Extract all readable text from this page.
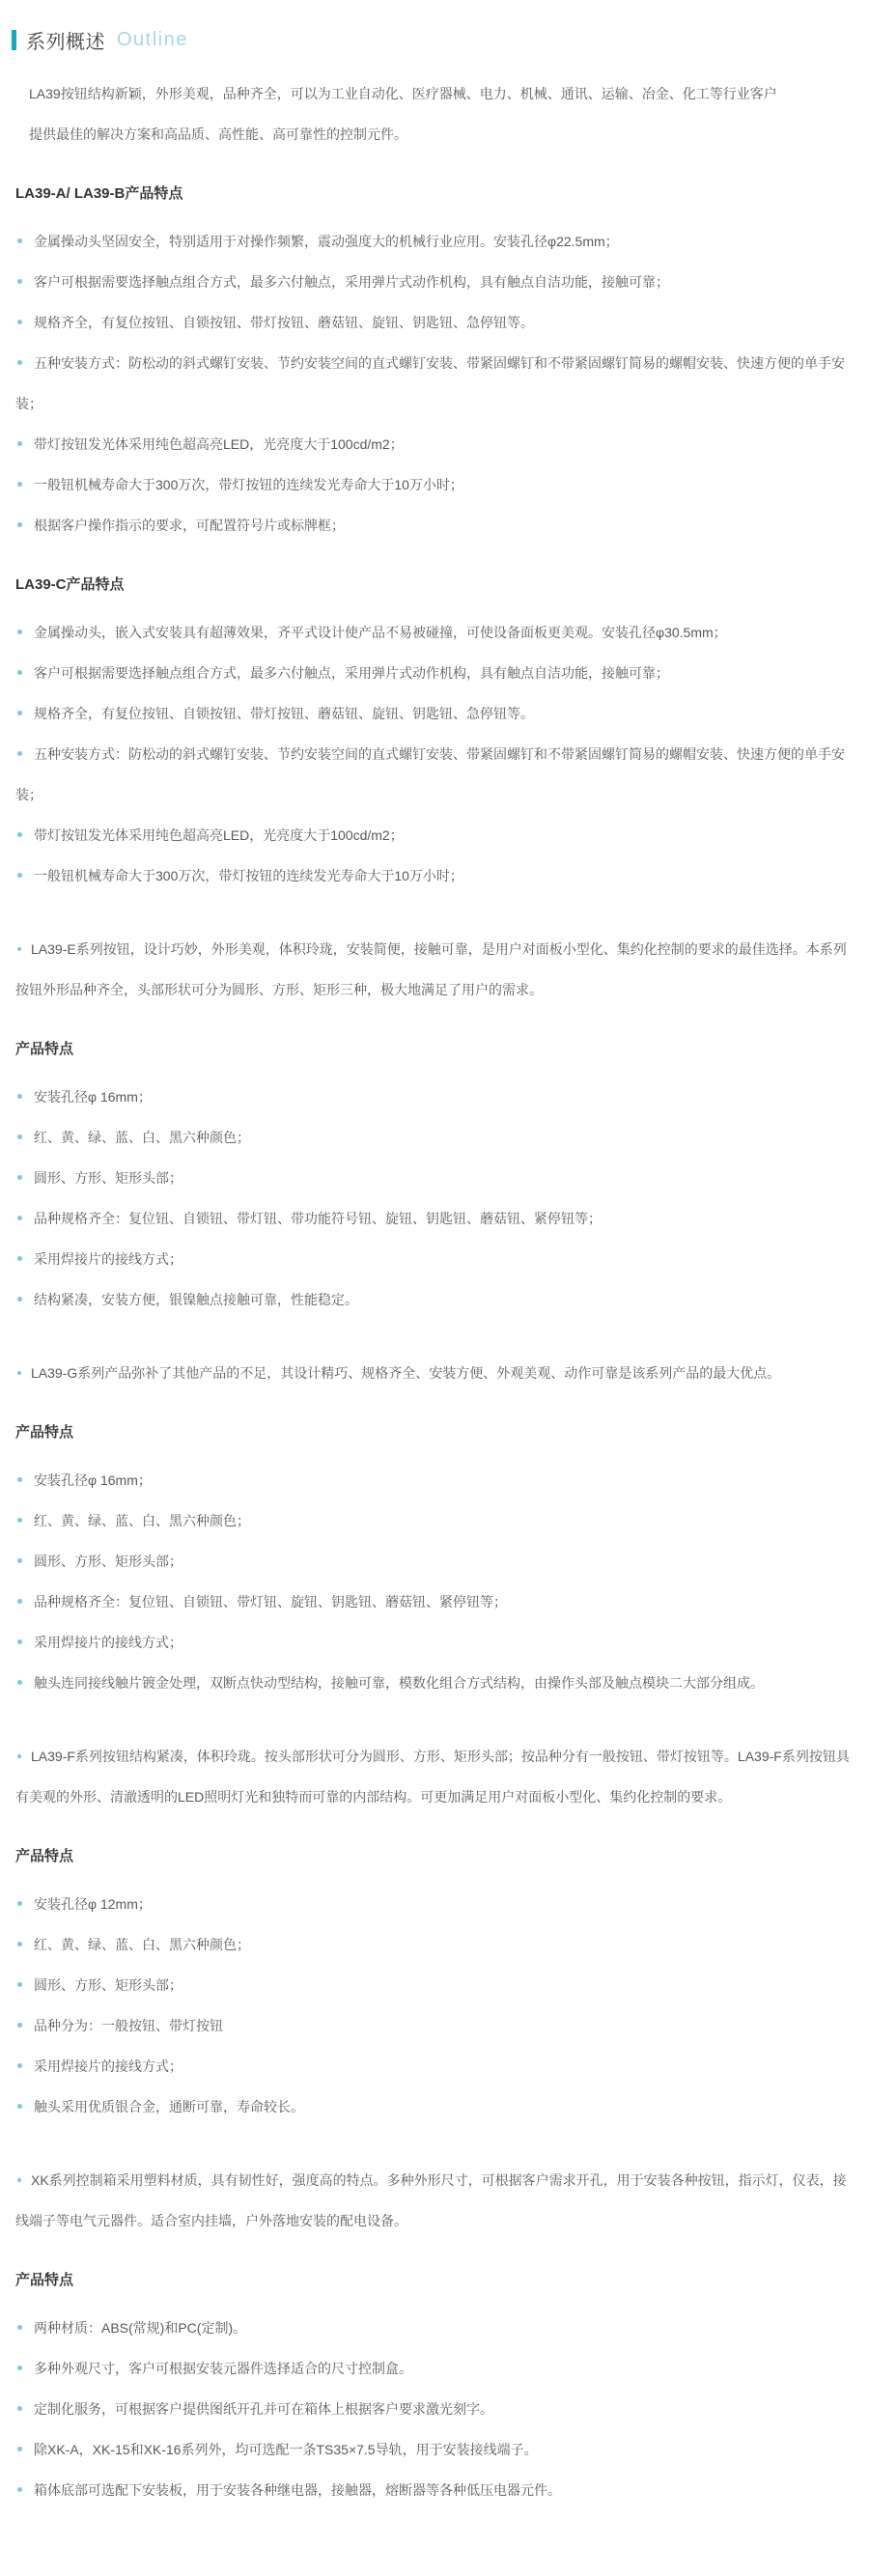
系列概述 Outline
LA39按钮结构新颖，外形美观，品种齐全，可以为工业自动化、医疗器械、电力、机械、通讯、运输、冶金、化工等行业客户
提供最佳的解决方案和高品质、高性能、高可靠性的控制元件。
LA39-A/ LA39-B产品特点
金属操动头坚固安全，特别适用于对操作频繁，震动强度大的机械行业应用。安装孔径φ22.5mm；
客户可根据需要选择触点组合方式，最多六付触点，采用弹片式动作机构，具有触点自洁功能，接触可靠；
规格齐全，有复位按钮、自锁按钮、带灯按钮、蘑菇钮、旋钮、钥匙钮、急停钮等。
五种安装方式：防松动的斜式螺钉安装、节约安装空间的直式螺钉安装、带紧固螺钉和不带紧固螺钉简易的螺帽安装、快速方便的单手安装；
带灯按钮发光体采用纯色超高亮LED，光亮度大于100cd/m2；
一般钮机械寿命大于300万次，带灯按钮的连续发光寿命大于10万小时；
根据客户操作指示的要求，可配置符号片或标牌框；
LA39-C产品特点
金属操动头，嵌入式安装具有超薄效果，齐平式设计使产品不易被碰撞，可使设备面板更美观。安装孔径φ30.5mm；
客户可根据需要选择触点组合方式，最多六付触点，采用弹片式动作机构，具有触点自洁功能，接触可靠；
规格齐全，有复位按钮、自锁按钮、带灯按钮、蘑菇钮、旋钮、钥匙钮、急停钮等。
五种安装方式：防松动的斜式螺钉安装、节约安装空间的直式螺钉安装、带紧固螺钉和不带紧固螺钉简易的螺帽安装、快速方便的单手安装；
带灯按钮发光体采用纯色超高亮LED，光亮度大于100cd/m2；
一般钮机械寿命大于300万次，带灯按钮的连续发光寿命大于10万小时；
LA39-E系列按钮，设计巧妙，外形美观，体积玲珑，安装简便，接触可靠，是用户对面板小型化、集约化控制的要求的最佳选择。本系列按钮外形品种齐全，头部形状可分为圆形、方形、矩形三种，极大地满足了用户的需求。
产品特点
安装孔径φ 16mm；
红、黄、绿、蓝、白、黑六种颜色；
圆形、方形、矩形头部；
品种规格齐全：复位钮、自锁钮、带灯钮、带功能符号钮、旋钮、钥匙钮、蘑菇钮、紧停钮等；
采用焊接片的接线方式；
结构紧凑，安装方便，银镍触点接触可靠，性能稳定。
LA39-G系列产品弥补了其他产品的不足，其设计精巧、规格齐全、安装方便、外观美观、动作可靠是该系列产品的最大优点。
产品特点
安装孔径φ 16mm；
红、黄、绿、蓝、白、黑六种颜色；
圆形、方形、矩形头部；
品种规格齐全：复位钮、自锁钮、带灯钮、旋钮、钥匙钮、蘑菇钮、紧停钮等；
采用焊接片的接线方式；
触头连同接线触片镀金处理，双断点快动型结构，接触可靠，模数化组合方式结构，由操作头部及触点模块二大部分组成。
LA39-F系列按钮结构紧凑，体积玲珑。按头部形状可分为圆形、方形、矩形头部；按品种分有一般按钮、带灯按钮等。LA39-F系列按钮具有美观的外形、清澈透明的LED照明灯光和独特而可靠的内部结构。可更加满足用户对面板小型化、集约化控制的要求。
产品特点
安装孔径φ 12mm；
红、黄、绿、蓝、白、黑六种颜色；
圆形、方形、矩形头部；
品种分为：一般按钮、带灯按钮
采用焊接片的接线方式；
触头采用优质银合金，通断可靠，寿命较长。
XK系列控制箱采用塑料材质，具有韧性好，强度高的特点。多种外形尺寸，可根据客户需求开孔，用于安装各种按钮，指示灯，仪表，接线端子等电气元器件。适合室内挂墙，户外落地安装的配电设备。
产品特点
两种材质：ABS(常规)和PC(定制)。
多种外观尺寸，客户可根据安装元器件选择适合的尺寸控制盒。
定制化服务，可根据客户提供图纸开孔并可在箱体上根据客户要求激光刻字。
除XK-A，XK-15和XK-16系列外，均可选配一条TS35×7.5导轨，用于安装接线端子。
箱体底部可选配下安装板，用于安装各种继电器，接触器，熔断器等各种低压电器元件。
